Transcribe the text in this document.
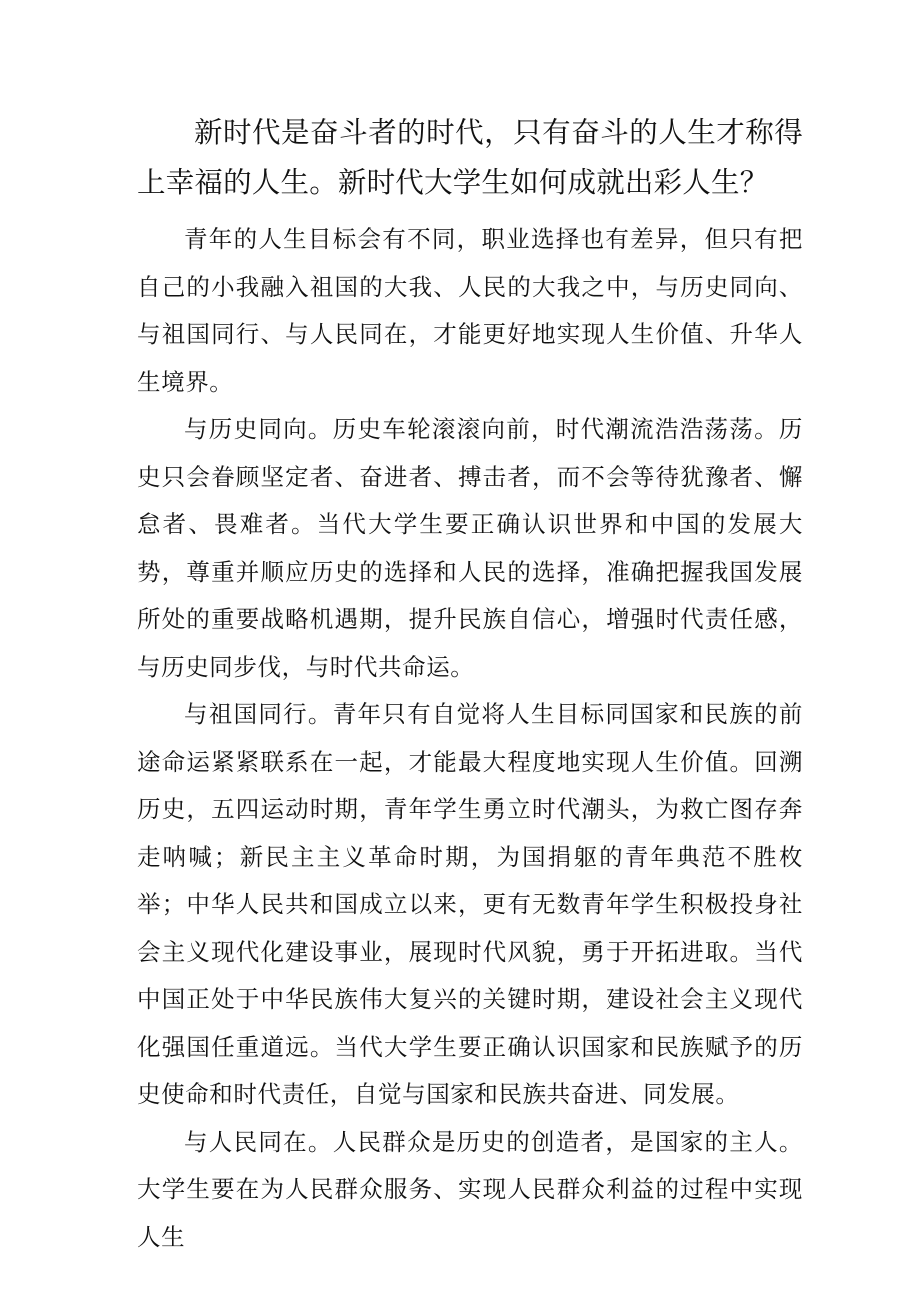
新时代是奋斗者的时代，只有奋斗的人生才称得上幸福的人生。新时代大学生如何成就出彩人生？

青年的人生目标会有不同，职业选择也有差异，但只有把自己的小我融入祖国的大我、人民的大我之中，与历史同向、与祖国同行、与人民同在，才能更好地实现人生价值、升华人生境界。

与历史同向。历史车轮滚滚向前，时代潮流浩浩荡荡。历史只会眷顾坚定者、奋进者、搏击者，而不会等待犹豫者、懈怠者、畏难者。当代大学生要正确认识世界和中国的发展大势，尊重并顺应历史的选择和人民的选择，准确把握我国发展所处的重要战略机遇期，提升民族自信心，增强时代责任感，与历史同步伐，与时代共命运。

与祖国同行。青年只有自觉将人生目标同国家和民族的前途命运紧紧联系在一起，才能最大程度地实现人生价值。回溯历史，五四运动时期，青年学生勇立时代潮头，为救亡图存奔走呐喊；新民主主义革命时期，为国捐躯的青年典范不胜枚举；中华人民共和国成立以来，更有无数青年学生积极投身社会主义现代化建设事业，展现时代风貌，勇于开拓进取。当代中国正处于中华民族伟大复兴的关键时期，建设社会主义现代化强国任重道远。当代大学生要正确认识国家和民族赋予的历史使命和时代责任，自觉与国家和民族共奋进、同发展。

与人民同在。人民群众是历史的创造者，是国家的主人。大学生要在为人民群众服务、实现人民群众利益的过程中实现人生
